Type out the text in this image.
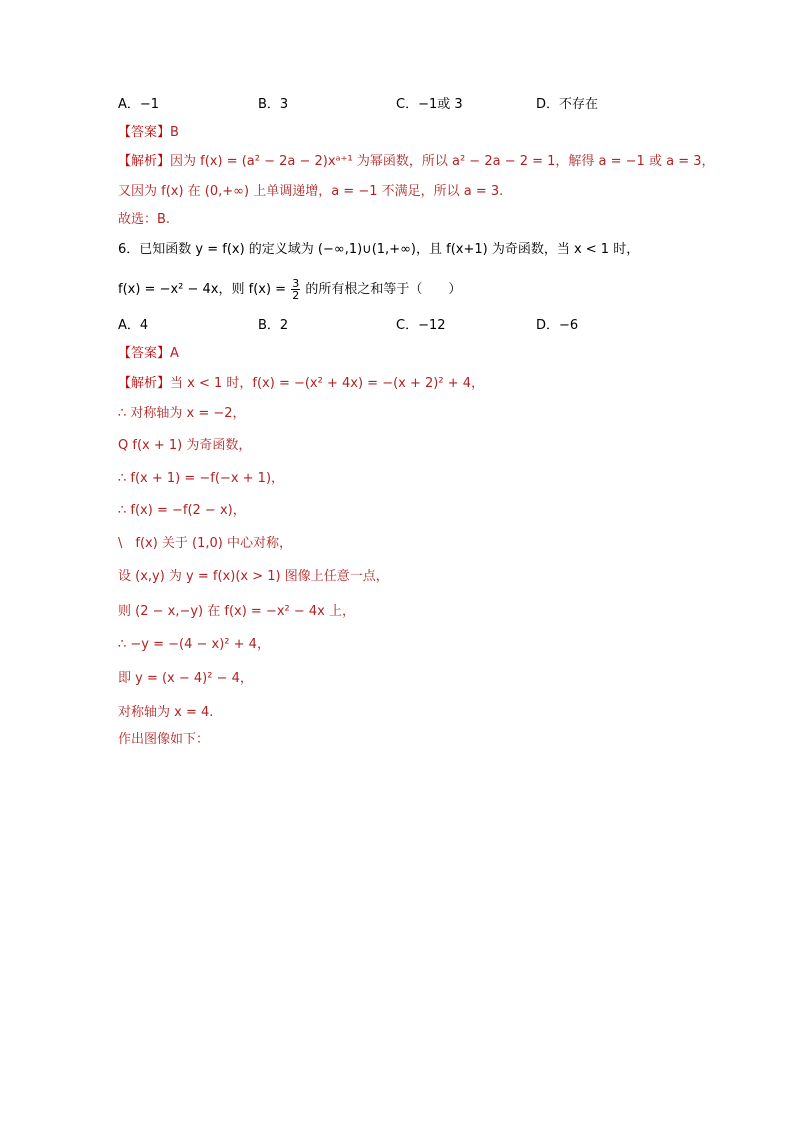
A．−1	B．3	C．−1或 3	D．不存在
【答案】B
【解析】因为 f(x) = (a² − 2a − 2)xᵃ⁺¹ 为幂函数，所以 a² − 2a − 2 = 1，解得 a = −1 或 a = 3，
又因为 f(x) 在 (0,+∞) 上单调递增，a = −1 不满足，所以 a = 3.
故选：B.
6．已知函数 y = f(x) 的定义域为 (−∞,1)∪(1,+∞)，且 f(x+1) 为奇函数，当 x < 1 时，
f(x) = −x² − 4x，则 $f(x) = \frac{3}{2}$ 的所有根之和等于（　　）
A．4	B．2	C．−12	D．−6
【答案】A
【解析】当 x < 1 时，f(x) = −(x² + 4x) = −(x + 2)² + 4，
∴ 对称轴为 x = −2，
Q f(x + 1) 为奇函数，
∴ f(x + 1) = −f(−x + 1)，
∴ f(x) = −f(2 − x)，
\　f(x) 关于 (1,0) 中心对称，
设 (x,y) 为 y = f(x)(x > 1) 图像上任意一点，
则 (2 − x,−y) 在 f(x) = −x² − 4x 上，
∴ −y = −(4 − x)² + 4，
即 y = (x − 4)² − 4，
对称轴为 x = 4.
作出图像如下：
